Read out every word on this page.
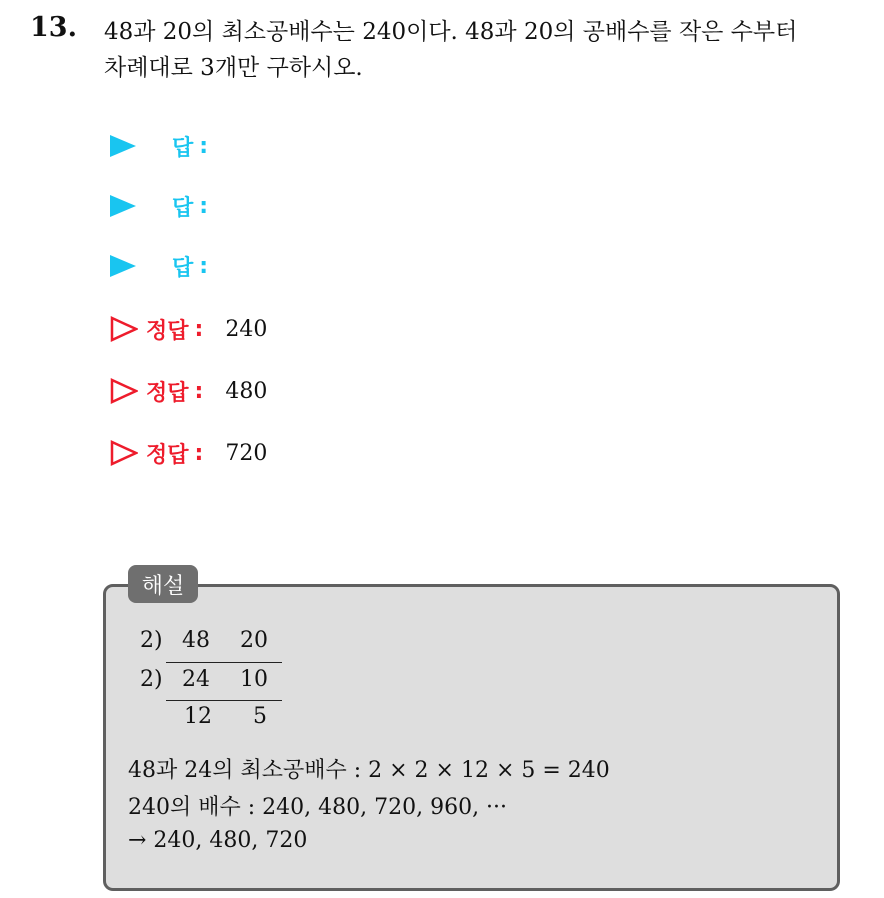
13. 48과 20의 최소공배수는 240이다. 48과 20의 공배수를 작은 수부터
차례대로 3개만 구하시오.
답 :
답 :
답 :
정답 : 240
정답 : 480
정답 : 720
해설
2) 48 20
2) 24 10
12 5
48과 24의 최소공배수 : 2 × 2 × 12 × 5 = 240
240의 배수 : 240, 480, 720, 960, ···
→ 240, 480, 720
